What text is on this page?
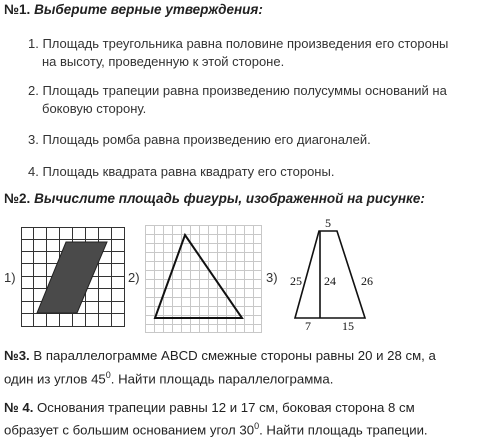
№1. Выберите верные утверждения:
1. Площадь треугольника равна половине произведения его стороны
на высоту, проведенную к этой стороне.
2. Площадь трапеции равна произведению полусуммы оснований на
боковую сторону.
3. Площадь ромба равна произведению его диагоналей.
4. Площадь квадрата равна квадрату его стороны.
№2. Вычислите площадь фигуры, изображенной на рисунке:
1)	2)	3)
5
25 24 26
7	15
№3. В параллелограмме ABCD смежные стороны равны 20 и 28 см, а
один из углов $45^0$. Найти площадь параллелограмма.
№ 4. Основания трапеции равны 12 и 17 см, боковая сторона 8 см
образует с большим основанием угол $30^0$. Найти площадь трапеции.
